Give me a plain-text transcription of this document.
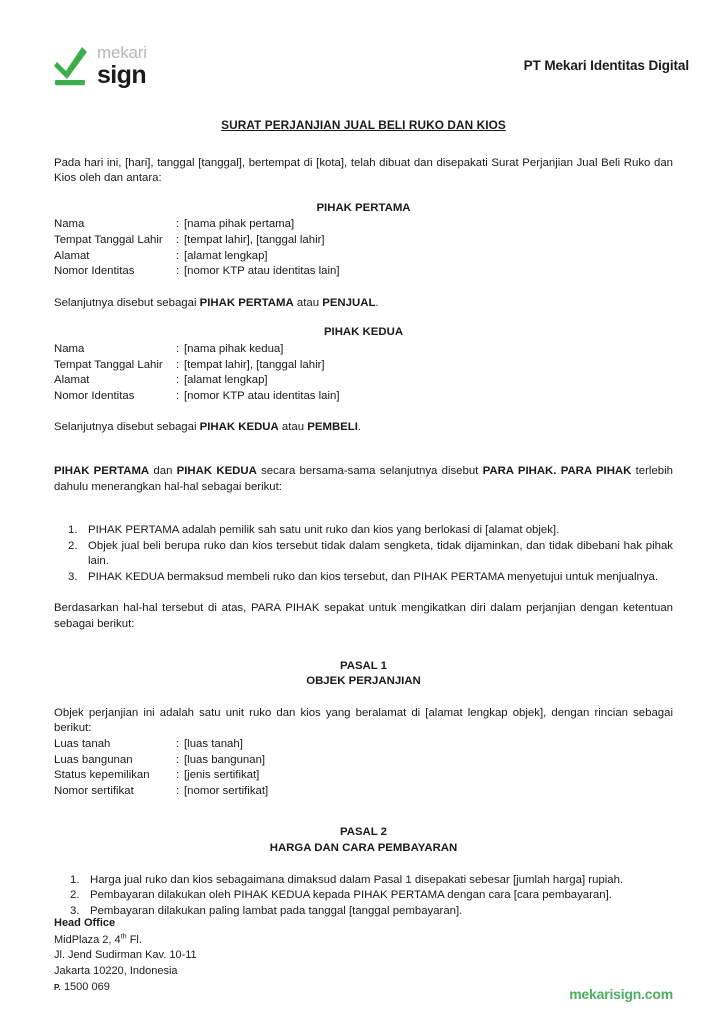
mekari
sign	PT Mekari Identitas Digital
SURAT PERJANJIAN JUAL BELI RUKO DAN KIOS

Pada hari ini, [hari], tanggal [tanggal], bertempat di [kota], telah dibuat dan disepakati Surat Perjanjian Jual Beli Ruko dan Kios oleh dan antara:

PIHAK PERTAMA
Nama	:	[nama pihak pertama]
Tempat Tanggal Lahir	:	[tempat lahir], [tanggal lahir]
Alamat	:	[alamat lengkap]
Nomor Identitas	:	[nomor KTP atau identitas lain]

Selanjutnya disebut sebagai PIHAK PERTAMA atau PENJUAL.

PIHAK KEDUA
Nama	:	[nama pihak kedua]
Tempat Tanggal Lahir	:	[tempat lahir], [tanggal lahir]
Alamat	:	[alamat lengkap]
Nomor Identitas	:	[nomor KTP atau identitas lain]

Selanjutnya disebut sebagai PIHAK KEDUA atau PEMBELI.

PIHAK PERTAMA dan PIHAK KEDUA secara bersama-sama selanjutnya disebut PARA PIHAK. PARA PIHAK terlebih dahulu menerangkan hal-hal sebagai berikut:

PIHAK PERTAMA adalah pemilik sah satu unit ruko dan kios yang berlokasi di [alamat objek].
Objek jual beli berupa ruko dan kios tersebut tidak dalam sengketa, tidak dijaminkan, dan tidak dibebani hak pihak lain.
PIHAK KEDUA bermaksud membeli ruko dan kios tersebut, dan PIHAK PERTAMA menyetujui untuk menjualnya.

Berdasarkan hal-hal tersebut di atas, PARA PIHAK sepakat untuk mengikatkan diri dalam perjanjian dengan ketentuan sebagai berikut:

PASAL 1
OBJEK PERJANJIAN

Objek perjanjian ini adalah satu unit ruko dan kios yang beralamat di [alamat lengkap objek], dengan rincian sebagai berikut:

Luas tanah	:	[luas tanah]
Luas bangunan	:	[luas bangunan]
Status kepemilikan	:	[jenis sertifikat]
Nomor sertifikat	:	[nomor sertifikat]
PASAL 2
HARGA DAN CARA PEMBAYARAN
Harga jual ruko dan kios sebagaimana dimaksud dalam Pasal 1 disepakati sebesar [jumlah harga] rupiah.
Pembayaran dilakukan oleh PIHAK KEDUA kepada PIHAK PERTAMA dengan cara [cara pembayaran].
Pembayaran dilakukan paling lambat pada tanggal [tanggal pembayaran].
Head Office
MidPlaza 2, 4th Fl.
Jl. Jend Sudirman Kav. 10-11
Jakarta 10220, Indonesia
P. 1500 069	mekarisign.com
